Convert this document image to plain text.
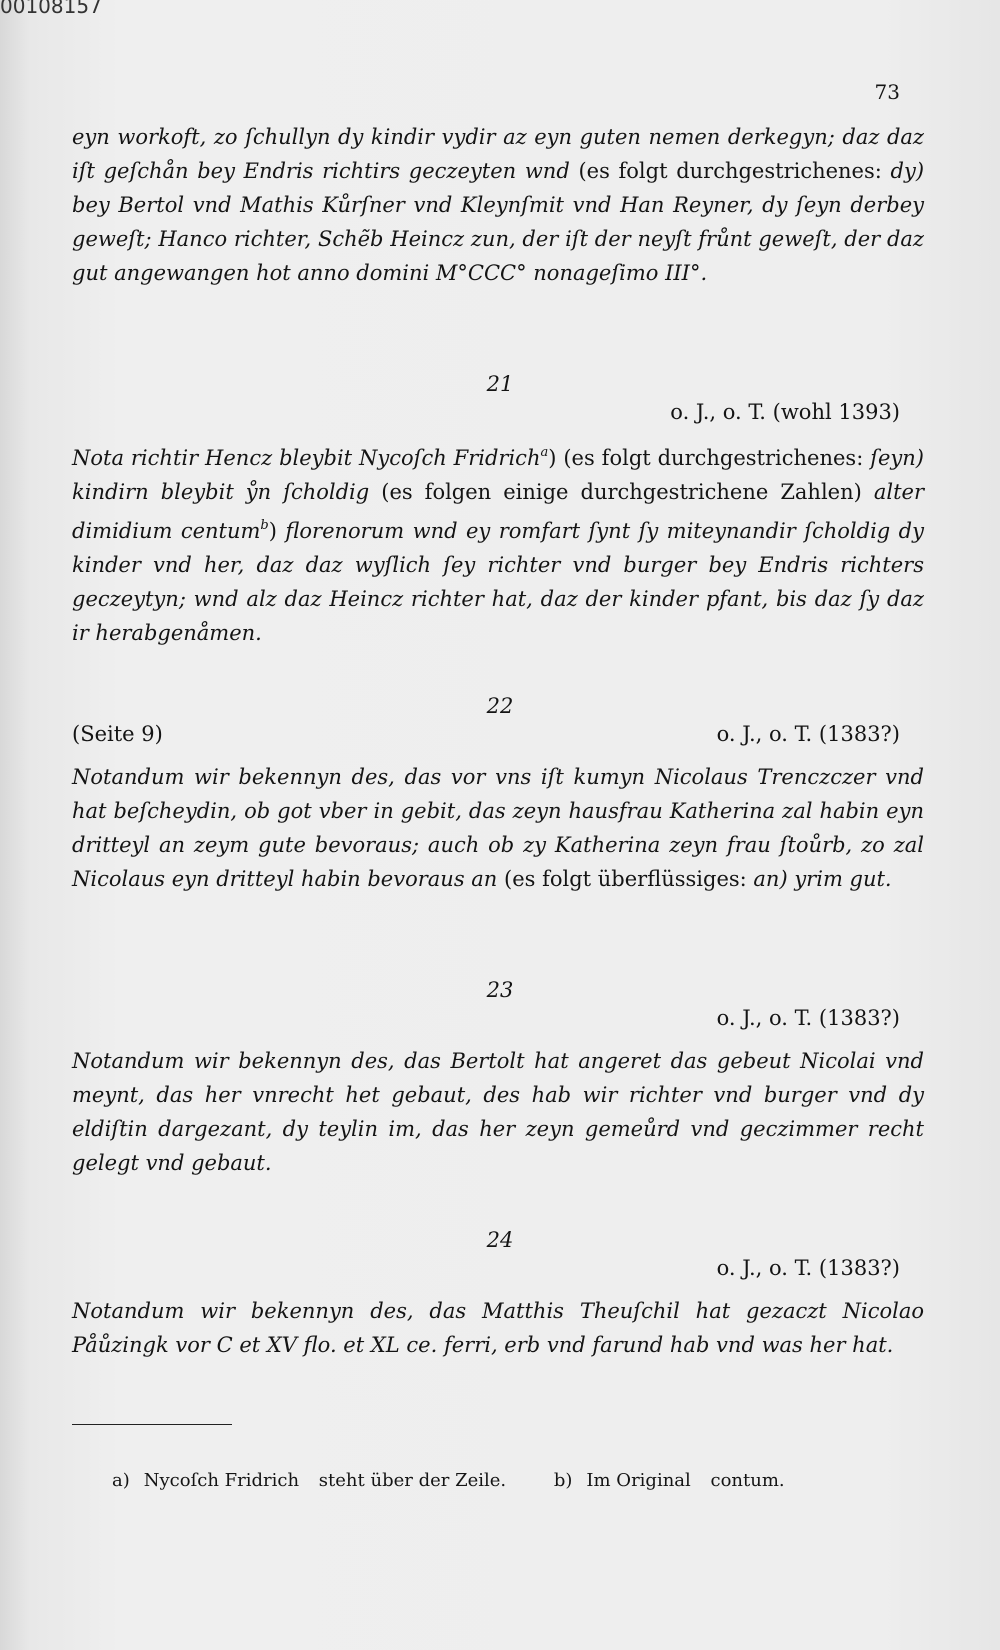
00108157
73

eyn workoft, zo ſchullyn dy kindir vydir az eyn guten nemen derkegyn; daz daz iſt geſchån bey Endris richtirs geczeyten wnd (es folgt durchgestrichenes: dy) bey Bertol vnd Mathis Kůrſner vnd Kleynſmit vnd Han Reyner, dy ſeyn derbey geweſt; Hanco richter, Schẽb Heincz zun, der iſt der neyſt frůnt geweſt, der daz gut angewangen hot anno domini M°CCC° nonageſimo III°.

21
o. J., o. T. (wohl 1393)

Nota richtir Hencz bleybit Nycoſch Fridrich$^a$) (es folgt durchgestrichenes: ſeyn) kindirn bleybit ẙn ſcholdig (es folgen einige durchgestrichene Zahlen) alter dimidium centum$^b$) florenorum wnd ey romfart ſynt ſy miteynandir ſcholdig dy kinder vnd her, daz daz wyſlich ſey richter vnd burger bey Endris richters geczeytyn; wnd alz daz Heincz richter hat, daz der kinder pfant, bis daz ſy daz ir herabgenåmen.

22
(Seite 9)	o. J., o. T. (1383?)

Notandum wir bekennyn des, das vor vns iſt kumyn Nicolaus Trenczczer vnd hat beſcheydin, ob got vber in gebit, das zeyn hausfrau Katherina zal habin eyn dritteyl an zeym gute bevoraus; auch ob zy Katherina zeyn frau ſtoůrb, zo zal Nicolaus eyn dritteyl habin bevoraus an (es folgt überflüssiges: an) yrim gut.

23
o. J., o. T. (1383?)

Notandum wir bekennyn des, das Bertolt hat angeret das gebeut Nicolai vnd meynt, das her vnrecht het gebaut, des hab wir richter vnd burger vnd dy eldiſtin dargezant, dy teylin im, das her zeyn gemeůrd vnd geczimmer recht gelegt vnd gebaut.

24
o. J., o. T. (1383?)

Notandum wir bekennyn des, das Matthis Theuſchil hat gezaczt Nicolao Påůzingk vor C et XV flo. et XL ce. ferri, erb vnd farund hab vnd was her hat.

a) Nycoſch Fridrich steht über der Zeile.	b) Im Original contum.
